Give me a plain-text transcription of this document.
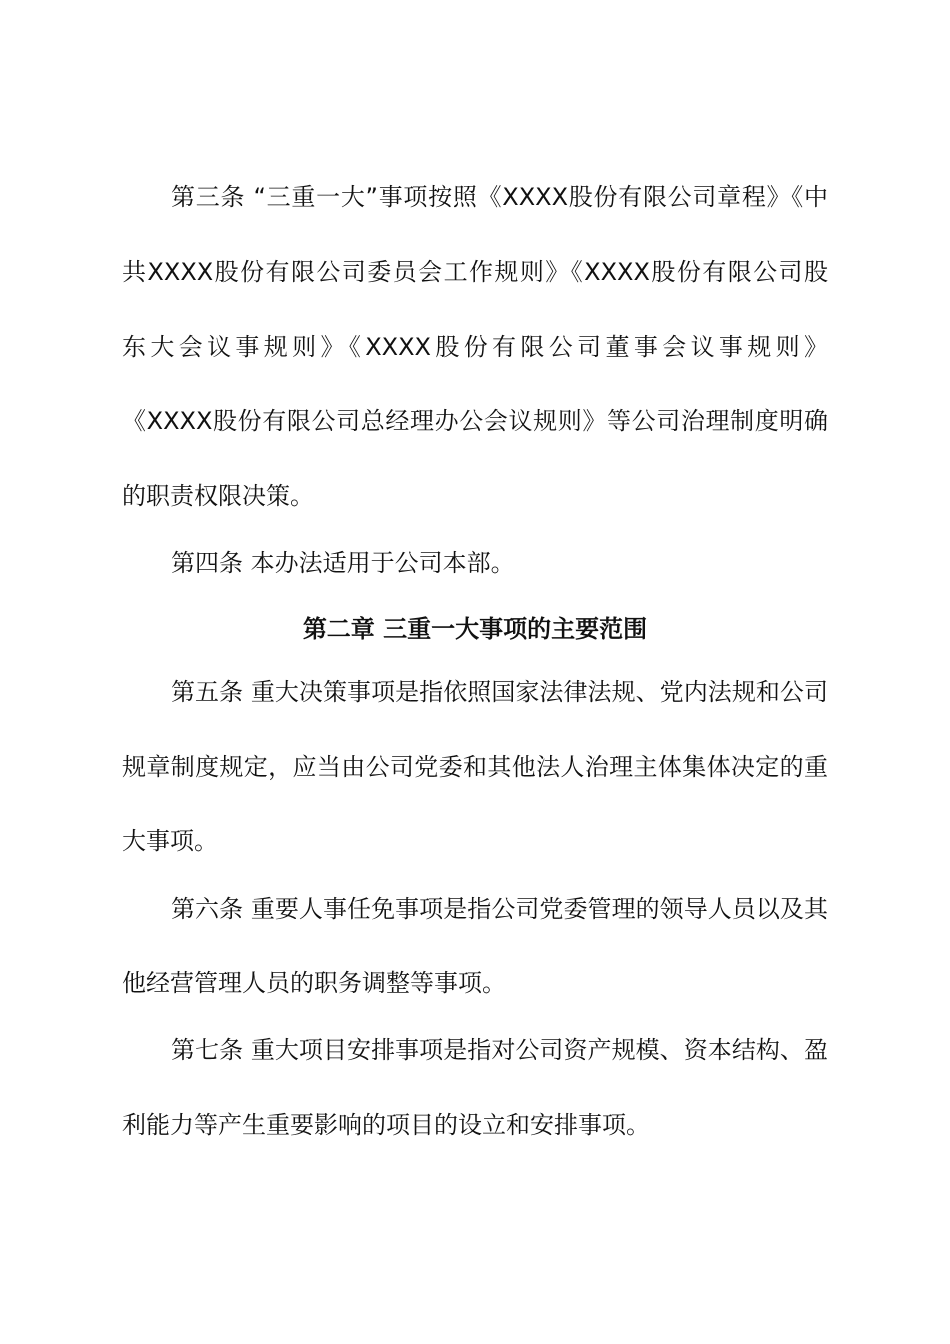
第三条 “三重一大”事项按照《XXXX股份有限公司章程》《中
共XXXX股份有限公司委员会工作规则》《XXXX股份有限公司股
东大会议事规则》《XXXX股份有限公司董事会议事规则》
《XXXX股份有限公司总经理办公会议规则》等公司治理制度明确
的职责权限决策。
第四条 本办法适用于公司本部。
第二章 三重一大事项的主要范围
第五条 重大决策事项是指依照国家法律法规、党内法规和公司
规章制度规定，应当由公司党委和其他法人治理主体集体决定的重
大事项。
第六条 重要人事任免事项是指公司党委管理的领导人员以及其
他经营管理人员的职务调整等事项。
第七条 重大项目安排事项是指对公司资产规模、资本结构、盈
利能力等产生重要影响的项目的设立和安排事项。
